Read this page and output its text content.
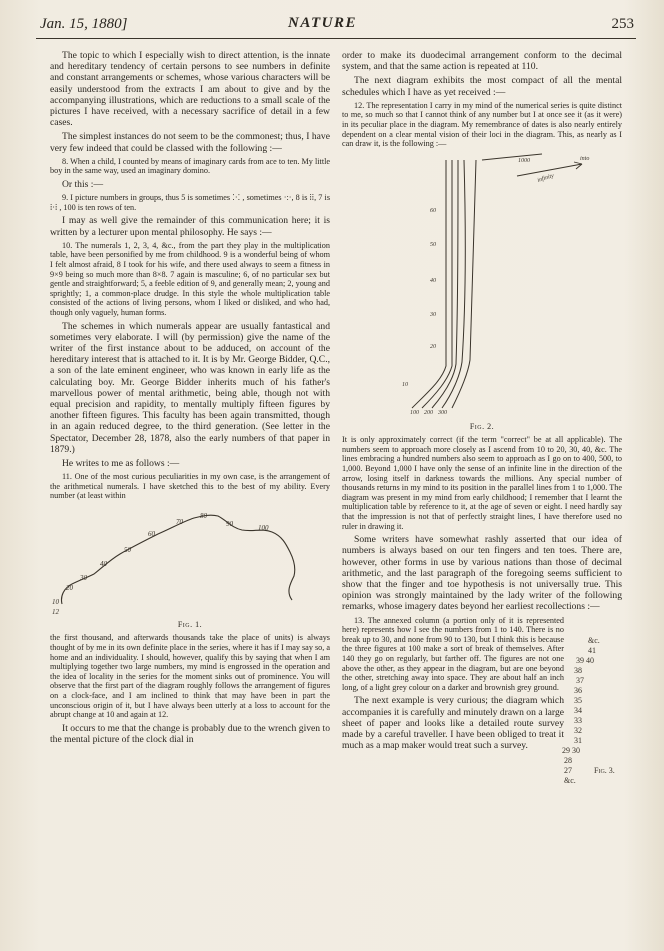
Jan. 15, 1880]	NATURE	253

The topic to which I especially wish to direct attention, is the innate and hereditary tendency of certain persons to see numbers in definite and constant arrangements or schemes, whose various characters will be easily understood from the extracts I am about to give and by the accompanying illustrations, which are reductions to a small scale of the pictures I have received, with a necessary sacrifice of detail in a few cases.

The simplest instances do not seem to be the commonest; thus, I have very few indeed that could be classed with the following :—

8. When a child, I counted by means of imaginary cards from ace to ten. My little boy in the same way, used an imaginary domino.

Or this :—

9. I picture numbers in groups, thus 5 is sometimes ⁚·⁚ , sometimes ·:·, 8 is ⁞⁞, 7 is ⁞·⁞ , 100 is ten rows of ten.

I may as well give the remainder of this communication here; it is written by a lecturer upon mental philosophy. He says :—

10. The numerals 1, 2, 3, 4, &c., from the part they play in the multiplication table, have been personified by me from childhood. 9 is a wonderful being of whom I felt almost afraid, 8 I took for his wife, and there used always to seem a fitness in 9×9 being so much more than 8×8. 7 again is masculine; 6, of no particular sex but gentle and straightforward; 5, a feeble edition of 9, and generally mean; 2, young and sprightly; 1, a common-place drudge. In this style the whole multiplication table consisted of the actions of living persons, whom I liked or disliked, and who had, though only vaguely, human forms.

The schemes in which numerals appear are usually fantastical and sometimes very elaborate. I will (by permission) give the name of the writer of the first instance about to be adduced, on account of the hereditary interest that is attached to it. It is by Mr. George Bidder, Q.C., a son of the late eminent engineer, who was known in early life as the calculating boy. Mr. George Bidder inherits much of his father's marvellous power of mental arithmetic, being able, though not with equal precision and rapidity, to mentally multiply fifteen figures by another fifteen figures. This faculty has been again transmitted, though in an again reduced degree, to the third generation. (See letter in the Spectator, December 28, 1878, also the early numbers of that paper in 1879.)

He writes to me as follows :—

11. One of the most curious peculiarities in my own case, is the arrangement of the arithmetical numerals. I have sketched this to the best of my ability. Every number (at least within

60
70
80
90	100
50
40
30
20
10
12
Fig. 1.

the first thousand, and afterwards thousands take the place of units) is always thought of by me in its own definite place in the series, where it has if I may say so, a home and an individuality. I should, however, qualify this by saying that when I am multiplying together two large numbers, my mind is engrossed in the operation and the idea of locality in the series for the moment sinks out of prominence. You will observe that the first part of the diagram roughly follows the arrangement of figures on a clock-face, and I am inclined to think that may have been in part the unconscious origin of it, but I have always been utterly at a loss to account for the abrupt change at 10 and again at 12.

It occurs to me that the change is probably due to the wrench given to the mental picture of the clock dial in

order to make its duodecimal arrangement conform to the decimal system, and that the same action is repeated at 110.

The next diagram exhibits the most compact of all the mental schedules which I have as yet received :—

12. The representation I carry in my mind of the numerical series is quite distinct to me, so much so that I cannot think of any number but I at once see it (as it were) in its peculiar place in the diagram. My remembrance of dates is also nearly entirely dependent on a clear mental vision of their loci in the diagram. This, as nearly as I can draw it, is the following :—

1000	into
infinity
60
50
40
30
20
10
100 200 300
Fig. 2.

It is only approximately correct (if the term "correct" be at all applicable). The numbers seem to approach more closely as I ascend from 10 to 20, 30, 40, &c. The lines embracing a hundred numbers also seem to approach as I go on to 400, 500, to 1,000. Beyond 1,000 I have only the sense of an infinite line in the direction of the arrow, losing itself in darkness towards the millions. Any special number of thousands returns in my mind to its position in the parallel lines from 1 to 1,000. The diagram was present in my mind from early childhood; I remember that I learnt the multiplication table by reference to it, at the age of seven or eight. I need hardly say that the impression is not that of perfectly straight lines, I have therefore used no ruler in drawing it.

Some writers have somewhat rashly asserted that our idea of numbers is always based on our ten fingers and ten toes. There are, however, other forms in use by various nations than those of decimal arithmetic, and the last paragraph of the foregoing seems sufficient to show that the finger and toe hypothesis is not universally true. This opinion was strongly maintained by the lady writer of the following remarks, whose imagery dates beyond her earliest recollections :—

13. The annexed column (a portion only of it is represented here) represents how I see the numbers from 1 to 140. There is no break up to 30, and none from 90 to 130, but I think this is because the three figures at 100 make a sort of break of themselves. After 140 they go on regularly, but farther off. The figures are not one above the other, as they appear in the diagram, but are one beyond the other, stretching away into space. They are about half an inch long, of a light grey colour on a darker and brownish grey ground.

The next example is very curious; the diagram which accompanies it is carefully and minutely drawn on a large sheet of paper and looks like a detailed route survey made by a careful traveller. I have been obliged to treat it much as a map maker would treat such a survey.

&c.
41
39 40
38
37
36
35
34
33
32
31
29 30
28
27
&c.
Fig. 3.
